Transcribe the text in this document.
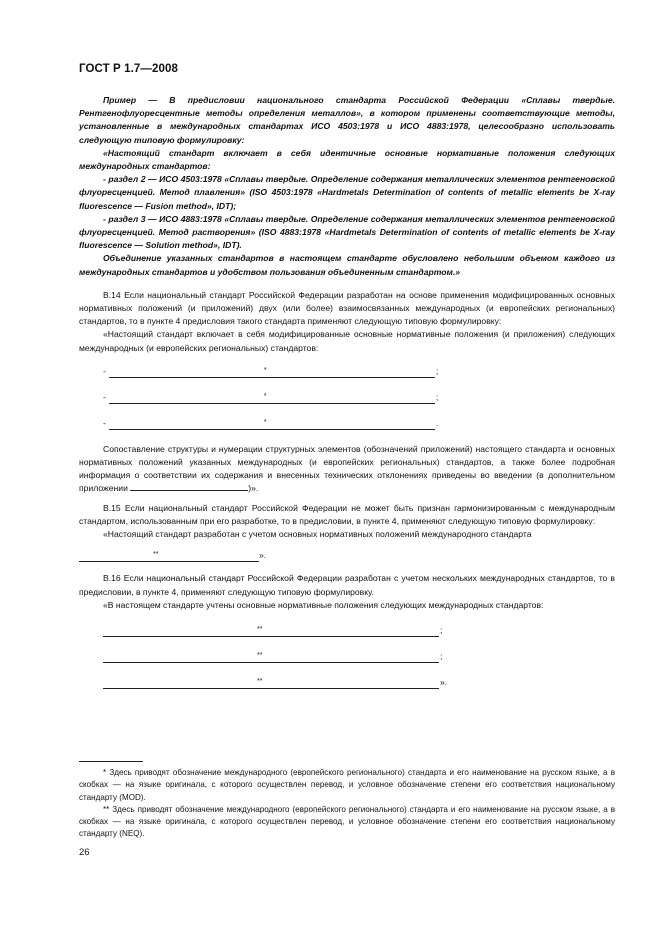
ГОСТ Р 1.7—2008

Пример — В предисловии национального стандарта Российской Федерации «Сплавы твердые. Рентгенофлуоресцентные методы определения металлов», в котором применены соответствующие методы, установленные в международных стандартах ИСО 4503:1978 и ИСО 4883:1978, целесообразно использовать следующую типовую формулировку:

«Настоящий стандарт включает в себя идентичные основные нормативные положения следующих международных стандартов:

- раздел 2 — ИСО 4503:1978 «Сплавы твердые. Определение содержания металлических элементов рентгеновской флуоресценцией. Метод плавления» (ISO 4503:1978 «Hardmetals Determination of contents of metallic elements be X-ray fluorescence — Fusion method», IDT);

- раздел 3 — ИСО 4883:1978 «Сплавы твердые. Определение содержания металлических элементов рентгеновской флуоресценцией. Метод растворения» (ISO 4883:1978 «Hardmetals Determination of contents of metallic elements be X-ray fluorescence — Solution method», IDT).

Объединение указанных стандартов в настоящем стандарте обусловлено небольшим объемом каждого из международных стандартов и удобством пользования объединенным стандартом.»

В.14 Если национальный стандарт Российской Федерации разработан на основе применения модифицированных основных нормативных положений (и приложений) двух (или более) взаимосвязанных международных (и европейских региональных) стандартов, то в пункте 4 предисловия такого стандарта применяют следующую типовую формулировку:

«Настоящий стандарт включает в себя модифицированные основные нормативные положения (и приложения) следующих международных (и европейских региональных) стандартов:

-	*	;
-	*	;
-	*	.

Сопоставление структуры и нумерации структурных элементов (обозначений приложений) настоящего стандарта и основных нормативных положений указанных международных (и европейских региональных) стандартов, а также более подробная информация о соответствии их содержания и внесенных технических отклонениях приведены во введении (в дополнительном приложении	)».

В.15 Если национальный стандарт Российской Федерации не может быть признан гармонизированным с международным стандартом, использованным при его разработке, то в предисловии, в пункте 4, применяют следующую типовую формулировку:

«Настоящий стандарт разработан с учетом основных нормативных положений международного стандарта

**	».

В.16 Если национальный стандарт Российской Федерации разработан с учетом нескольких международных стандартов, то в предисловии, в пункте 4, применяют следующую типовую формулировку.

«В настоящем стандарте учтены основные нормативные положения следующих международных стандартов:

**	;
**	;
**	».

* Здесь приводят обозначение международного (европейского регионального) стандарта и его наименование на русском языке, а в скобках — на языке оригинала, с которого осуществлен перевод, и условное обозначение степени его соответствия национальному стандарту (MOD).

** Здесь приводят обозначение международного (европейского регионального) стандарта и его наименование на русском языке, а в скобках — на языке оригинала, с которого осуществлен перевод, и условное обозначение степени его соответствия национальному стандарту (NEQ).

26
